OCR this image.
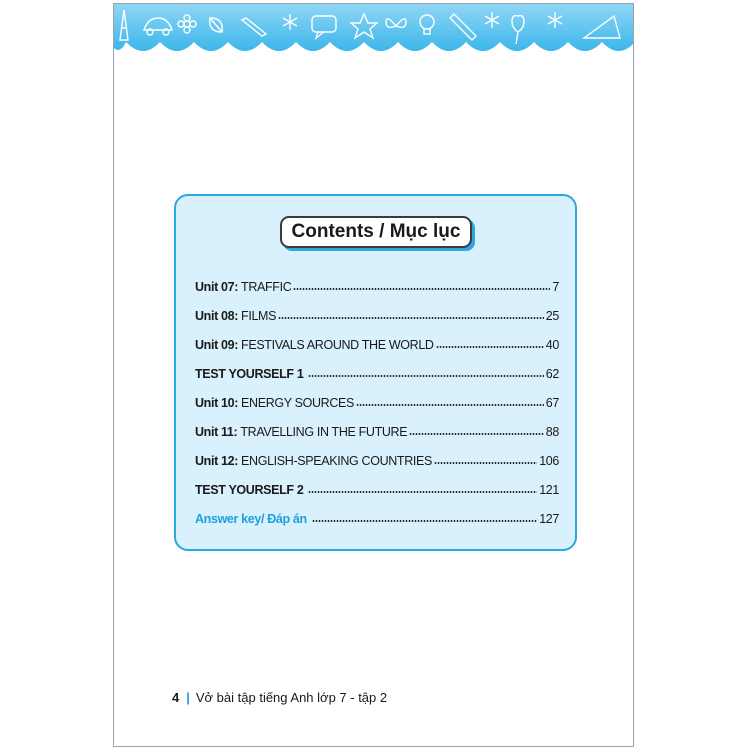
Contents / Mục lục
Unit 07: TRAFFIC	7
Unit 08: FILMS	25
Unit 09: FESTIVALS AROUND THE WORLD	40
TEST YOURSELF 1	62
Unit 10: ENERGY SOURCES	67
Unit 11: TRAVELLING IN THE FUTURE	88
Unit 12: ENGLISH-SPEAKING COUNTRIES	106
TEST YOURSELF 2	121
Answer key/ Đáp án	127
4 | Vở bài tập tiếng Anh lớp 7 - tập 2
